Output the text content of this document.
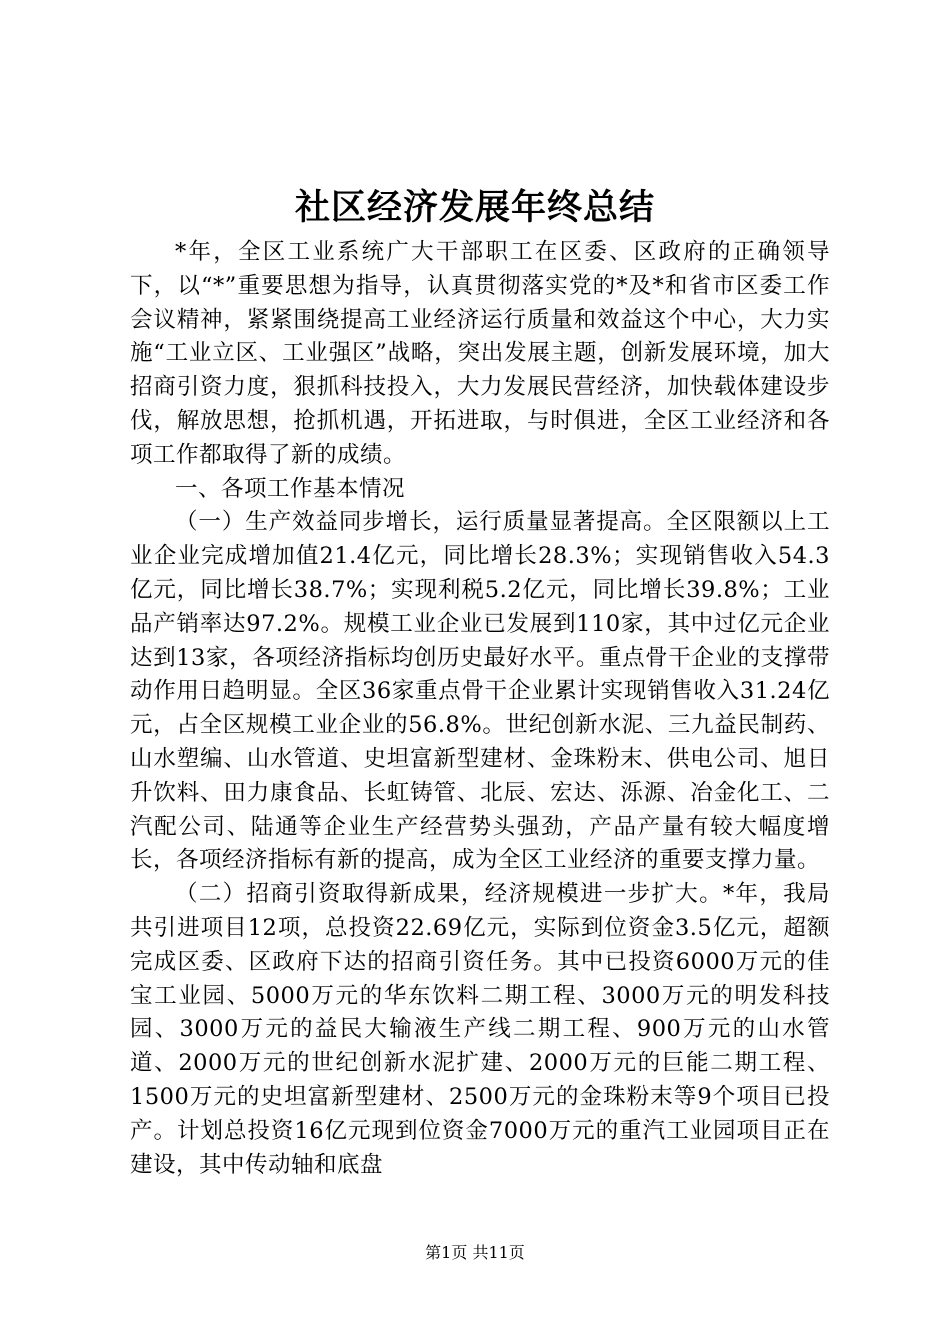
社区经济发展年终总结

*年，全区工业系统广大干部职工在区委、区政府的正确领导下，以“*”重要思想为指导，认真贯彻落实党的*及*和省市区委工作会议精神，紧紧围绕提高工业经济运行质量和效益这个中心，大力实施“工业立区、工业强区”战略，突出发展主题，创新发展环境，加大招商引资力度，狠抓科技投入，大力发展民营经济，加快载体建设步伐，解放思想，抢抓机遇，开拓进取，与时俱进，全区工业经济和各项工作都取得了新的成绩。

一、各项工作基本情况

（一）生产效益同步增长，运行质量显著提高。全区限额以上工业企业完成增加值21.4亿元，同比增长28.3%；实现销售收入54.3亿元，同比增长38.7%；实现利税5.2亿元，同比增长39.8%；工业品产销率达97.2%。规模工业企业已发展到110家，其中过亿元企业达到13家，各项经济指标均创历史最好水平。重点骨干企业的支撑带动作用日趋明显。全区36家重点骨干企业累计实现销售收入31.24亿元，占全区规模工业企业的56.8%。世纪创新水泥、三九益民制药、山水塑编、山水管道、史坦富新型建材、金珠粉末、供电公司、旭日升饮料、田力康食品、长虹铸管、北辰、宏达、泺源、冶金化工、二汽配公司、陆通等企业生产经营势头强劲，产品产量有较大幅度增长，各项经济指标有新的提高，成为全区工业经济的重要支撑力量。

（二）招商引资取得新成果，经济规模进一步扩大。*年，我局共引进项目12项，总投资22.69亿元，实际到位资金3.5亿元，超额完成区委、区政府下达的招商引资任务。其中已投资6000万元的佳宝工业园、5000万元的华东饮料二期工程、3000万元的明发科技园、3000万元的益民大输液生产线二期工程、900万元的山水管道、2000万元的世纪创新水泥扩建、2000万元的巨能二期工程、1500万元的史坦富新型建材、2500万元的金珠粉末等9个项目已投产。计划总投资16亿元现到位资金7000万元的重汽工业园项目正在建设，其中传动轴和底盘

第1页 共11页
